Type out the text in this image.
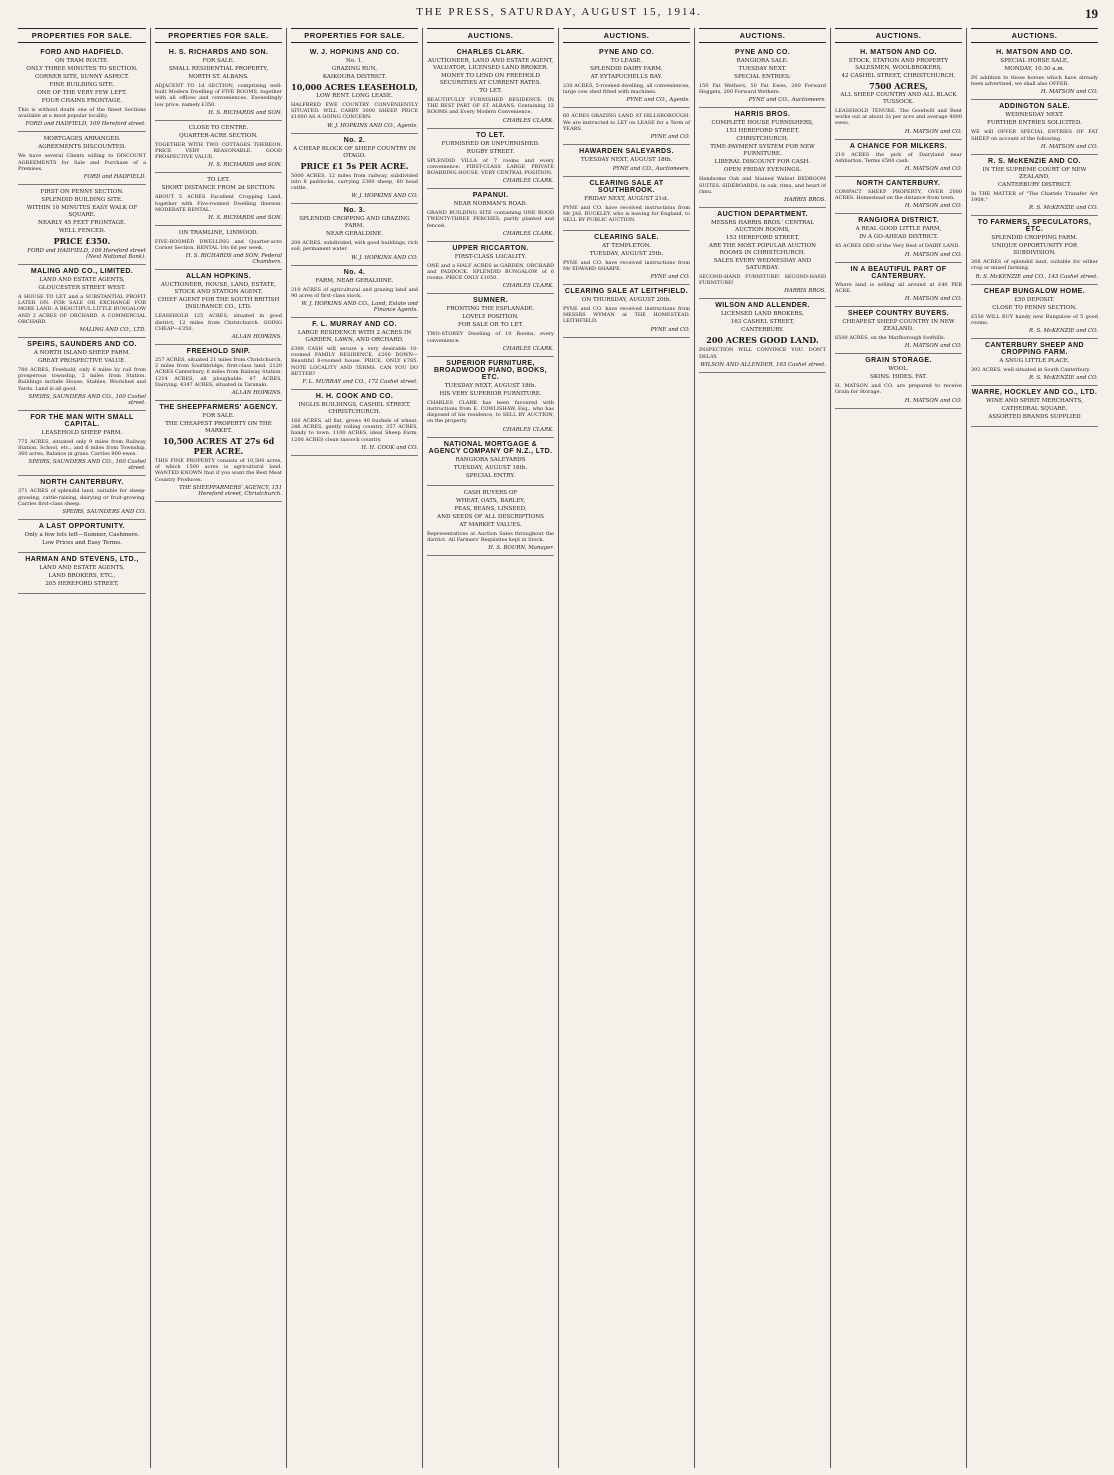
THE PRESS, SATURDAY, AUGUST 15, 1914.	19
PROPERTIES FOR SALE.
FORD AND HADFIELD.
ON TRAM ROUTE.
ONLY THREE MINUTES TO SECTION.
CORNER SITE, SUNNY ASPECT.
FINE BUILDING SITE.
ONE OF THE VERY FEW LEFT.
FOUR CHAINS FRONTAGE.
This is without doubt one of the finest Sections available at a most popular locality.
FORD and HADFIELD, 109 Hereford street.
MORTGAGES ARRANGED.
AGREEMENTS DISCOUNTED.
We have several Clients willing to DISCOUNT AGREEMENTS for Sale and Purchase of a Premises.
FORD and HADFIELD.
FIRST ON PENNY SECTION.
SPLENDID BUILDING SITE.
WITHIN 10 MINUTES EASY WALK OF SQUARE.
NEARLY 45 FEET FRONTAGE.
WELL FENCED.
PRICE £350.
FORD and HADFIELD, 109 Hereford street (Next National Bank).
MALING AND CO., LIMITED.
LAND AND ESTATE AGENTS,
GLOUCESTER STREET WEST.
A HOUSE TO LET and a SUBSTANTIAL PROFIT LATER ON. FOR SALE OR EXCHANGE FOR MORE LAND. A BEAUTIFUL LITTLE BUNGALOW AND 2 ACRES OF ORCHARD. A COMMERCIAL ORCHARD.
MALING AND CO., LTD.
SPEIRS, SAUNDERS AND CO.
A NORTH ISLAND SHEEP FARM.
GREAT PROSPECTIVE VALUE.
780 ACRES, Freehold, only 6 miles by rail from prosperous township, 2 miles from Station. Buildings include House, Stables, Woolshed and Yards. Land is all good.
SPEIRS, SAUNDERS AND CO., 160 Cashel street.
FOR THE MAN WITH SMALL CAPITAL.
LEASEHOLD SHEEP FARM.
775 ACRES, situated only 9 miles from Railway Station, School, etc., and 6 miles from Township. 300 acres, Balance in grass. Carries 900 ewes.
SPEIRS, SAUNDERS AND CO., 160 Cashel street.
NORTH CANTERBURY.
371 ACRES of splendid land, suitable for sheep-growing, cattle-raising, dairying or fruit-growing. Carries first-class sheep.
SPEIRS, SAUNDERS AND CO.
A LAST OPPORTUNITY.
Only a few lots left—Sumner, Cashmere.
Low Prices and Easy Terms.
HARMAN AND STEVENS, LTD.,
LAND AND ESTATE AGENTS,
LAND BROKERS, ETC.,
205 HEREFORD STREET.
PROPERTIES FOR SALE.
H. S. RICHARDS AND SON.
FOR SALE.
SMALL RESIDENTIAL PROPERTY,
NORTH ST. ALBANS.
ADJACENT TO 1d SECTION, comprising well-built Modern Dwelling of FIVE ROOMS, together with all offices and conveniences. Exceedingly low price, namely £350.
H. S. RICHARDS and SON.
CLOSE TO CENTRE.
QUARTER-ACRE SECTION.
TOGETHER WITH TWO COTTAGES THEREON. PRICE VERY REASONABLE. GOOD PROSPECTIVE VALUE.
H. S. RICHARDS and SON.
TO LET.
SHORT DISTANCE FROM 2d SECTION.
ABOUT 5 ACRES Excellent Cropping Land, together with Five-roomed Dwelling thereon. MODERATE RENTAL.
H. S. RICHARDS and SON.
ON TRAMLINE, LINWOOD.
FIVE-ROOMED DWELLING and Quarter-acre Corner Section. RENTAL 18s 6d per week.
H. S. RICHARDS and SON, Federal Chambers.
ALLAN HOPKINS.
AUCTIONEER, HOUSE, LAND, ESTATE, STOCK AND STATION AGENT.
CHIEF AGENT FOR THE SOUTH BRITISH INSURANCE CO., LTD.
LEASEHOLD 125 ACRES, situated in good district, 12 miles from Christchurch. GOING CHEAP—£350.
ALLAN HOPKINS.
FREEHOLD SNIP.
257 ACRES, situated 21 miles from Christchurch, 2 miles from Southbridge, first-class land. 2120 ACRES Canterbury, 6 miles from Railway Station. 1214 ACRES, all ploughable. 87 ACRES, Dairying. 4347 ACRES, situated in Taranaki.
ALLAN HOPKINS.
THE SHEEPFARMERS' AGENCY.
FOR SALE.
THE CHEAPEST PROPERTY ON THE MARKET.
10,500 ACRES AT 27s 6d PER ACRE.
THIS FINE PROPERTY consists of 10,500 acres, of which 1500 acres is agricultural land. WANTED KNOWN that if you want the Best Meat Country Produces.
THE SHEEPFARMERS' AGENCY, 151 Hereford street, Christchurch.
PROPERTIES FOR SALE.
W. J. HOPKINS AND CO.
No. 1.
GRAZING RUN,
KAIKOURA DISTRICT.
10,000 ACRES LEASEHOLD,
LOW RENT. LONG LEASE.
HALFBRED EWE COUNTRY. CONVENIENTLY SITUATED. WILL CARRY 3000 SHEEP. PRICE £1000 AS A GOING CONCERN.
W. J. HOPKINS AND CO., Agents.
No. 2.
A CHEAP BLOCK OF SHEEP COUNTRY IN OTAGO.
PRICE £1 5s PER ACRE.
5000 ACRES, 12 miles from railway, subdivided into 8 paddocks, carrying 2300 sheep, 60 head cattle.
W. J. HOPKINS AND CO.
No. 3.
SPLENDID CROPPING AND GRAZING FARM.
NEAR GERALDINE.
200 ACRES, subdivided, with good buildings, rich soil, permanent water.
W. J. HOPKINS AND CO.
No. 4.
FARM, NEAR GERALDINE.
210 ACRES of agricultural and grazing land and 90 acres of first-class stock.
W. J. HOPKINS AND CO., Land, Estate and Finance Agents.
F. L. MURRAY AND CO.
LARGE RESIDENCE WITH 2 ACRES IN GARDEN, LAWN, AND ORCHARD.
£300 CASH will secure a very desirable 10-roomed FAMILY RESIDENCE. £200 DOWN—Beautiful 8-roomed house. PRICE, ONLY £785. NOTE LOCALITY AND TERMS. CAN YOU DO BETTER?
F. L. MURRAY and CO., 172 Cashel street.
H. H. COOK AND CO.
INGLIS BUILDINGS, CASHEL STREET, CHRISTCHURCH.
166 ACRES, all flat, grows 40 bushels of wheat. 246 ACRES, gently rolling country. 357 ACRES, handy to town. 1100 ACRES, ideal Sheep Farm. 1200 ACRES clean tussock country.
H. H. COOK and CO.
AUCTIONS.
CHARLES CLARK.
AUCTIONEER, LAND AND ESTATE AGENT, VALUATOR, LICENSED LAND BROKER.
MONEY TO LEND ON FREEHOLD SECURITIES AT CURRENT RATES.
TO LET.
BEAUTIFULLY FURNISHED RESIDENCE. IN THE BEST PART OF ST. ALBANS. Containing 12 ROOMS and Every Modern Convenience.
CHARLES CLARK.
TO LET.
FURNISHED OR UNFURNISHED.
RUGBY STREET.
SPLENDID VILLA of 7 rooms and every convenience. FIRST-CLASS LARGE PRIVATE BOARDING HOUSE. VERY CENTRAL POSITION.
CHARLES CLARK.
PAPANUI.
NEAR NORMAN'S ROAD.
GRAND BUILDING SITE containing ONE ROOD TWENTY-THREE PERCHES, partly planted and fenced.
CHARLES CLARK.
UPPER RICCARTON.
FIRST-CLASS LOCALITY.
ONE and a HALF ACRES in GARDEN, ORCHARD and PADDOCK. SPLENDID BUNGALOW of 6 rooms. PRICE ONLY £1050.
CHARLES CLARK.
SUMNER.
FRONTING THE ESPLANADE.
LOVELY POSITION.
FOR SALE OR TO LET.
TWO-STOREY Dwelling of 10 Rooms, every convenience.
CHARLES CLARK.
SUPERIOR FURNITURE, BROADWOOD PIANO, BOOKS, ETC.
TUESDAY NEXT, AUGUST 18th.
HIS VERY SUPERIOR FURNITURE.
CHARLES CLARK has been favoured with instructions from E. COWLISHAW, Esq., who has disposed of his residence, to SELL BY AUCTION, on the property.
CHARLES CLARK.
NATIONAL MORTGAGE & AGENCY COMPANY OF N.Z., LTD.
RANGIORA SALEYARDS
TUESDAY, AUGUST 18th.
SPECIAL ENTRY.
CASH BUYERS OF
WHEAT, OATS, BARLEY,
PEAS, BEANS, LINSEED,
AND SEEDS OF ALL DESCRIPTIONS
AT MARKET VALUES.
Representatives at Auction Sales throughout the district. All Farmers' Requisites kept in Stock.
H. S. BOURN, Manager.
AUCTIONS.
PYNE AND CO.
TO LEASE.
SPLENDID DAIRY FARM,
AT EYTAPUCHELLS BAY.
230 ACRES, 5-roomed dwelling, all conveniences, large cow shed fitted with machines.
PYNE and CO., Agents.
60 ACRES GRAZING LAND AT HILLSBOROUGH. We are instructed to LET on LEASE for a Term of YEARS.
PYNE and CO.
HAWARDEN SALEYARDS.
TUESDAY NEXT, AUGUST 18th.
PYNE and CO., Auctioneers.
CLEARING SALE AT SOUTHBROOK.
FRIDAY NEXT, AUGUST 21st.
PYNE and CO. have received instructions from Mr JAS. BUCKLEY, who is leaving for England, to SELL BY PUBLIC AUCTION.
CLEARING SALE.
AT TEMPLETON.
TUESDAY, AUGUST 25th.
PYNE and CO. have received instructions from Mr EDWARD SHARPE.
PYNE and CO.
CLEARING SALE AT LEITHFIELD.
ON THURSDAY, AUGUST 20th.
PYNE and CO. have received instructions from MESSRS WYMAN at THE HOMESTEAD, LEITHFIELD.
PYNE and CO.
AUCTIONS.
PYNE AND CO.
RANGIORA SALE.
TUESDAY NEXT.
SPECIAL ENTRIES:
150 Fat Wethers, 50 Fat Ewes, 200 Forward Hoggets, 200 Forward Wethers.
PYNE and CO., Auctioneers.
HARRIS BROS.
COMPLETE HOUSE FURNISHERS,
153 HEREFORD STREET,
CHRISTCHURCH.
TIME-PAYMENT SYSTEM FOR NEW FURNITURE.
LIBERAL DISCOUNT FOR CASH.
OPEN FRIDAY EVENINGS.
Handsome Oak and Stained Walnut BEDROOM SUITES. SIDEBOARDS, in oak, rimu, and heart of rimu.
HARRIS BROS.
AUCTION DEPARTMENT.
MESSRS HARRIS BROS.' CENTRAL AUCTION ROOMS,
153 HEREFORD STREET,
ARE THE MOST POPULAR AUCTION ROOMS IN CHRISTCHURCH.
SALES EVERY WEDNESDAY AND SATURDAY.
SECOND-HAND FURNITURE! SECOND-HAND FURNITURE!
HARRIS BROS.
WILSON AND ALLENDER.
LICENSED LAND BROKERS,
163 CASHEL STREET,
CANTERBURY.
200 ACRES GOOD LAND.
INSPECTION WILL CONVINCE YOU. DON'T DELAY.
WILSON AND ALLENDER, 163 Cashel street.
AUCTIONS.
H. MATSON AND CO.
STOCK, STATION AND PROPERTY SALESMEN, WOOLBROKERS,
42 CASHEL STREET, CHRISTCHURCH.
7500 ACRES,
ALL SHEEP COUNTRY AND ALL BLACK TUSSOCK.
LEASEHOLD TENURE. The Goodwill and Rent works out at about 2s per acre and average 4000 ewes.
H. MATSON and CO.
A CHANCE FOR MILKERS.
210 ACRES the pick of Dairyland near Ashburton, Terms £500 cash.
H. MATSON and CO.
NORTH CANTERBURY.
COMPACT SHEEP PROPERTY, OVER 2000 ACRES. Homestead on the distance from town.
H. MATSON and CO.
RANGIORA DISTRICT.
A REAL GOOD LITTLE FARM,
IN A GO-AHEAD DISTRICT.
45 ACRES ODD of the Very Best of DAIRY LAND.
H. MATSON and CO.
IN A BEAUTIFUL PART OF CANTERBURY.
Where land is selling all around at £40 PER ACRE.
H. MATSON and CO.
SHEEP COUNTRY BUYERS.
CHEAPEST SHEEP COUNTRY IN NEW ZEALAND.
6500 ACRES, on the Marlborough foothills.
H. MATSON and CO.
GRAIN STORAGE.
WOOL.
SKINS. HIDES. FAT.
H. MATSON and CO. are prepared to receive Grain for Storage.
H. MATSON and CO.
AUCTIONS.
H. MATSON AND CO.
SPECIAL HORSE SALE,
MONDAY, 10.30 a.m.
IN addition to those horses which have already been advertised, we shall also OFFER.
H. MATSON and CO.
ADDINGTON SALE.
WEDNESDAY NEXT.
FURTHER ENTRIES SOLICITED.
WE will OFFER SPECIAL ENTRIES OF FAT SHEEP on account of the following.
H. MATSON and CO.
R. S. McKENZIE AND CO.
IN THE SUPREME COURT OF NEW ZEALAND,
CANTERBURY DISTRICT.
In THE MATTER of "The Chattels Transfer Act 1908."
R. S. McKENZIE and CO.
TO FARMERS, SPECULATORS, ETC.
SPLENDID CROPPING FARM.
UNIQUE OPPORTUNITY FOR SUBDIVISION.
268 ACRES of splendid land, suitable for either crop or mixed farming.
R. S. McKENZIE and CO., 143 Cashel street.
CHEAP BUNGALOW HOME.
£50 DEPOSIT.
CLOSE TO PENNY SECTION.
£550 WILL BUY handy new Bungalow of 5 good rooms.
R. S. McKENZIE and CO.
CANTERBURY SHEEP AND CROPPING FARM.
A SNUG LITTLE PLACE.
392 ACRES, well situated in South Canterbury.
R. S. McKENZIE and CO.
WARRE, HOCKLEY AND CO., LTD.
WINE AND SPIRIT MERCHANTS,
CATHEDRAL SQUARE.
ASSORTED BRANDS SUPPLIED
